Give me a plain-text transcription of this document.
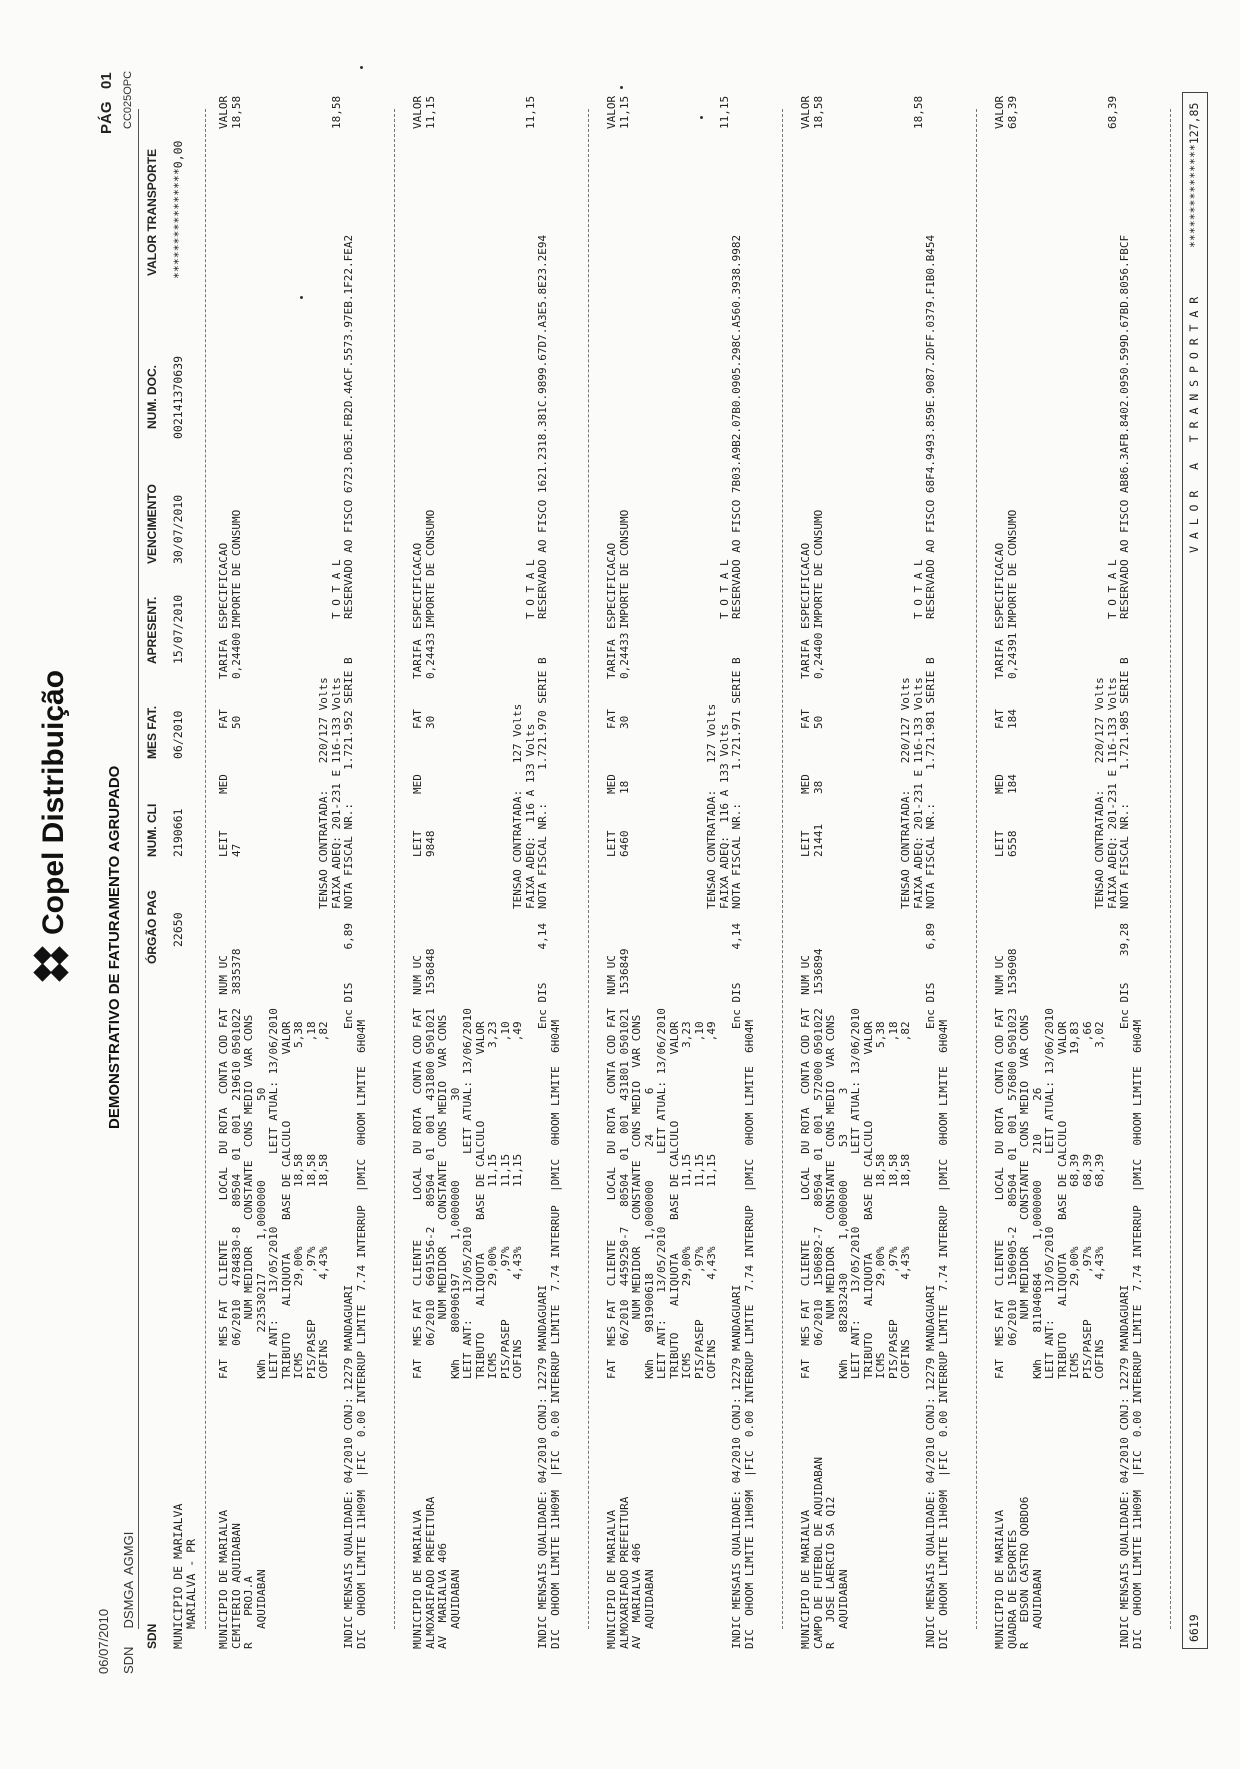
06/07/2010 SDN     DSMGA  AGMGI
Copel Distribuição DEMONSTRATIVO DE FATURAMENTO AGRUPADO
PÁG
01 CC025OPC
SDN
ÓRGÃO PAG
NUM. CLI
MES FAT.
APRESENT.
VENCIMENTO
NUM. DOC.
VALOR TRANSPORTE
MUNICIPIO DE MARIALVA MARIALVA - PR
22650
2190661
06/2010
15/07/2010
30/07/2010
002141370639
****************0,00
MUNICIPIO DE MARIALVA CEMITERIO AQUIDABAN R    PROJ.A AQUIDABAN
FAT  MES FAT  CLIENTE      LOCAL  DU ROTA  CONTA COD FAT  NUM UC 06/2010  4784830-8   80504  01  001  219610 0501022  3835378 NUM MEDIDOR    CONSTANTE  CONS MEDIO  VAR CONS KWh    223530217     1,0000000            50 LEIT ANT:    13/05/2010           LEIT ATUAL: 13/06/2010 TRIBUTO    ALIQUOTA     BASE DE CALCULO          VALOR ICMS          29,00%         18,58                5,38 PIS/PASEP       ,97%         18,58                 ,18 COFINS         4,43%         18,58                 ,82
LEIT 47
MED
FAT 50
TARIFA 0,24400
ESPECIFICACAO IMPORTE DE CONSUMO
VALOR 18,58
TENSAO CONTRATADA:    220/127 Volts FAIXA ADEQ: 201-231 E 116-133 Volts NOTA FISCAL NR.:     1.721.952 SERIE B
T O T A L RESERVADO AO FISCO 6723.D63E.FB2D.4ACF.5573.97EB.1F22.FEA2
18,58
INDIC MENSAIS QUALIDADE: 04/2010 CONJ: 12279 MANDAGUARI DIC  OHOOM LIMITE 11H09M  |FIC  0.00 INTERRUP LIMITE  7.74 INTERRUP  |DMIC  0HOOM LIMITE  6H04M
Enc DIS     6,89
MUNICIPIO DE MARIALVA ALMOXARIFADO PREFEITURA AV  MARIALVA 406 AQUIDABAN
FAT  MES FAT  CLIENTE      LOCAL  DU ROTA  CONTA COD FAT  NUM UC 06/2010  6691556-2   80504  01  001  431800 0501021  1536848 NUM MEDIDOR    CONSTANTE  CONS MEDIO  VAR CONS KWh    800906197     1,0000000            30 LEIT ANT:    13/05/2010           LEIT ATUAL: 13/06/2010 TRIBUTO    ALIQUOTA     BASE DE CALCULO          VALOR ICMS          29,00%         11,15                3,23 PIS/PASEP       ,97%         11,15                 ,10 COFINS         4,43%         11,15                 ,49
LEIT 9848
MED
FAT 30
TARIFA 0,24433
ESPECIFICACAO IMPORTE DE CONSUMO
VALOR 11,15
TENSAO CONTRATADA:    127 Volts FAIXA ADEQ:  116 A 133 Volts NOTA FISCAL NR.:     1.721.970 SERIE B
T O T A L RESERVADO AO FISCO 1621.2318.381C.9899.67D7.A3E5.8E23.2E94
11,15
INDIC MENSAIS QUALIDADE: 04/2010 CONJ: 12279 MANDAGUARI DIC  OHOOM LIMITE 11H09M  |FIC  0.00 INTERRUP LIMITE  7.74 INTERRUP  |DMIC  0HOOM LIMITE  6H04M
Enc DIS     4,14
MUNICIPIO DE MARIALVA ALMOXARIFADO PREFEITURA AV  MARIALVA 406 AQUIDABAN
FAT  MES FAT  CLIENTE      LOCAL  DU ROTA  CONTA COD FAT  NUM UC 06/2010  4459250-7   80504  01  001  431801 0501021  1536849 NUM MEDIDOR    CONSTANTE  CONS MEDIO  VAR CONS KWh    981900618     1,0000000     24      6 LEIT ANT:    13/05/2010           LEIT ATUAL: 13/06/2010 TRIBUTO    ALIQUOTA     BASE DE CALCULO          VALOR ICMS          29,00%         11,15                3,23 PIS/PASEP       ,97%         11,15                 ,10 COFINS         4,43%         11,15                 ,49
LEIT 6460
MED 18
FAT 30
TARIFA 0,24433
ESPECIFICACAO IMPORTE DE CONSUMO
VALOR 11,15
TENSAO CONTRATADA:    127 Volts FAIXA ADEQ:  116 A 133 Volts NOTA FISCAL NR.:     1.721.971 SERIE B
T O T A L RESERVADO AO FISCO 7B03.A9B2.07B0.0905.298C.A560.3938.9982
11,15
INDIC MENSAIS QUALIDADE: 04/2010 CONJ: 12279 MANDAGUARI DIC  OHOOM LIMITE 11H09M  |FIC  0.00 INTERRUP LIMITE  7.74 INTERRUP  |DMIC  0HOOM LIMITE  6H04M
Enc DIS     4,14
MUNICIPIO DE MARIALVA CAMPO DE FUTEBOL DE AQUIDABAN R   JOSE LAERCIO SA Q12 AQUIDABAN
FAT  MES FAT  CLIENTE      LOCAL  DU ROTA  CONTA COD FAT  NUM UC 06/2010  1506892-7   80504  01  001  572000 0501022  1536894 NUM MEDIDOR    CONSTANTE  CONS MEDIO  VAR CONS KWh    882832430     1,0000000     53      3 LEIT ANT:    13/05/2010           LEIT ATUAL: 13/06/2010 TRIBUTO    ALIQUOTA     BASE DE CALCULO          VALOR ICMS          29,00%         18,58                5,38 PIS/PASEP       ,97%         18,58                 ,18 COFINS         4,43%         18,58                 ,82
LEIT 21441
MED 38
FAT 50
TARIFA 0,24400
ESPECIFICACAO IMPORTE DE CONSUMO
VALOR 18,58
TENSAO CONTRATADA:    220/127 Volts FAIXA ADEQ: 201-231 E 116-133 Volts NOTA FISCAL NR.:     1.721.981 SERIE B
T O T A L RESERVADO AO FISCO 68F4.9493.859E.9087.2DFF.0379.F1B0.B454
18,58
INDIC MENSAIS QUALIDADE: 04/2010 CONJ: 12279 MANDAGUARI DIC  OHOOM LIMITE 11H09M  |FIC  0.00 INTERRUP LIMITE  7.74 INTERRUP  |DMIC  0HOOM LIMITE  6H04M
Enc DIS     6,89
MUNICIPIO DE MARIALVA QUADRA DE ESPORTES R   EDSON CASTRO QOBDO6 AQUIDABAN
FAT  MES FAT  CLIENTE      LOCAL  DU ROTA  CONTA COD FAT  NUM UC 06/2010  1506905-2   80504  01  001  576800 0501023  1536908 NUM MEDIDOR    CONSTANTE  CONS MEDIO  VAR CONS KWh    811040684     1,0000000    210     26 LEIT ANT:    13/05/2010           LEIT ATUAL: 13/06/2010 TRIBUTO    ALIQUOTA     BASE DE CALCULO          VALOR ICMS          29,00%         68,39               19,83 PIS/PASEP       ,97%         68,39                 ,66 COFINS         4,43%         68,39                3,02
LEIT 6558
MED 184
FAT 184
TARIFA 0,24391
ESPECIFICACAO IMPORTE DE CONSUMO
VALOR 68,39
TENSAO CONTRATADA:    220/127 Volts FAIXA ADEQ: 201-231 E 116-133 Volts NOTA FISCAL NR.:     1.721.985 SERIE B
T O T A L RESERVADO AO FISCO AB86.3AFB.8402.0950.599D.67BD.8056.FBCF
68,39
INDIC MENSAIS QUALIDADE: 04/2010 CONJ: 12279 MANDAGUARI DIC  OHOOM LIMITE 11H09M  |FIC  0.00 INTERRUP LIMITE  7.74 INTERRUP  |DMIC  0HOOM LIMITE  6H04M
Enc DIS    39,28
6619
V A L O R   A   T R A N S P O R T A R
***************127,85
